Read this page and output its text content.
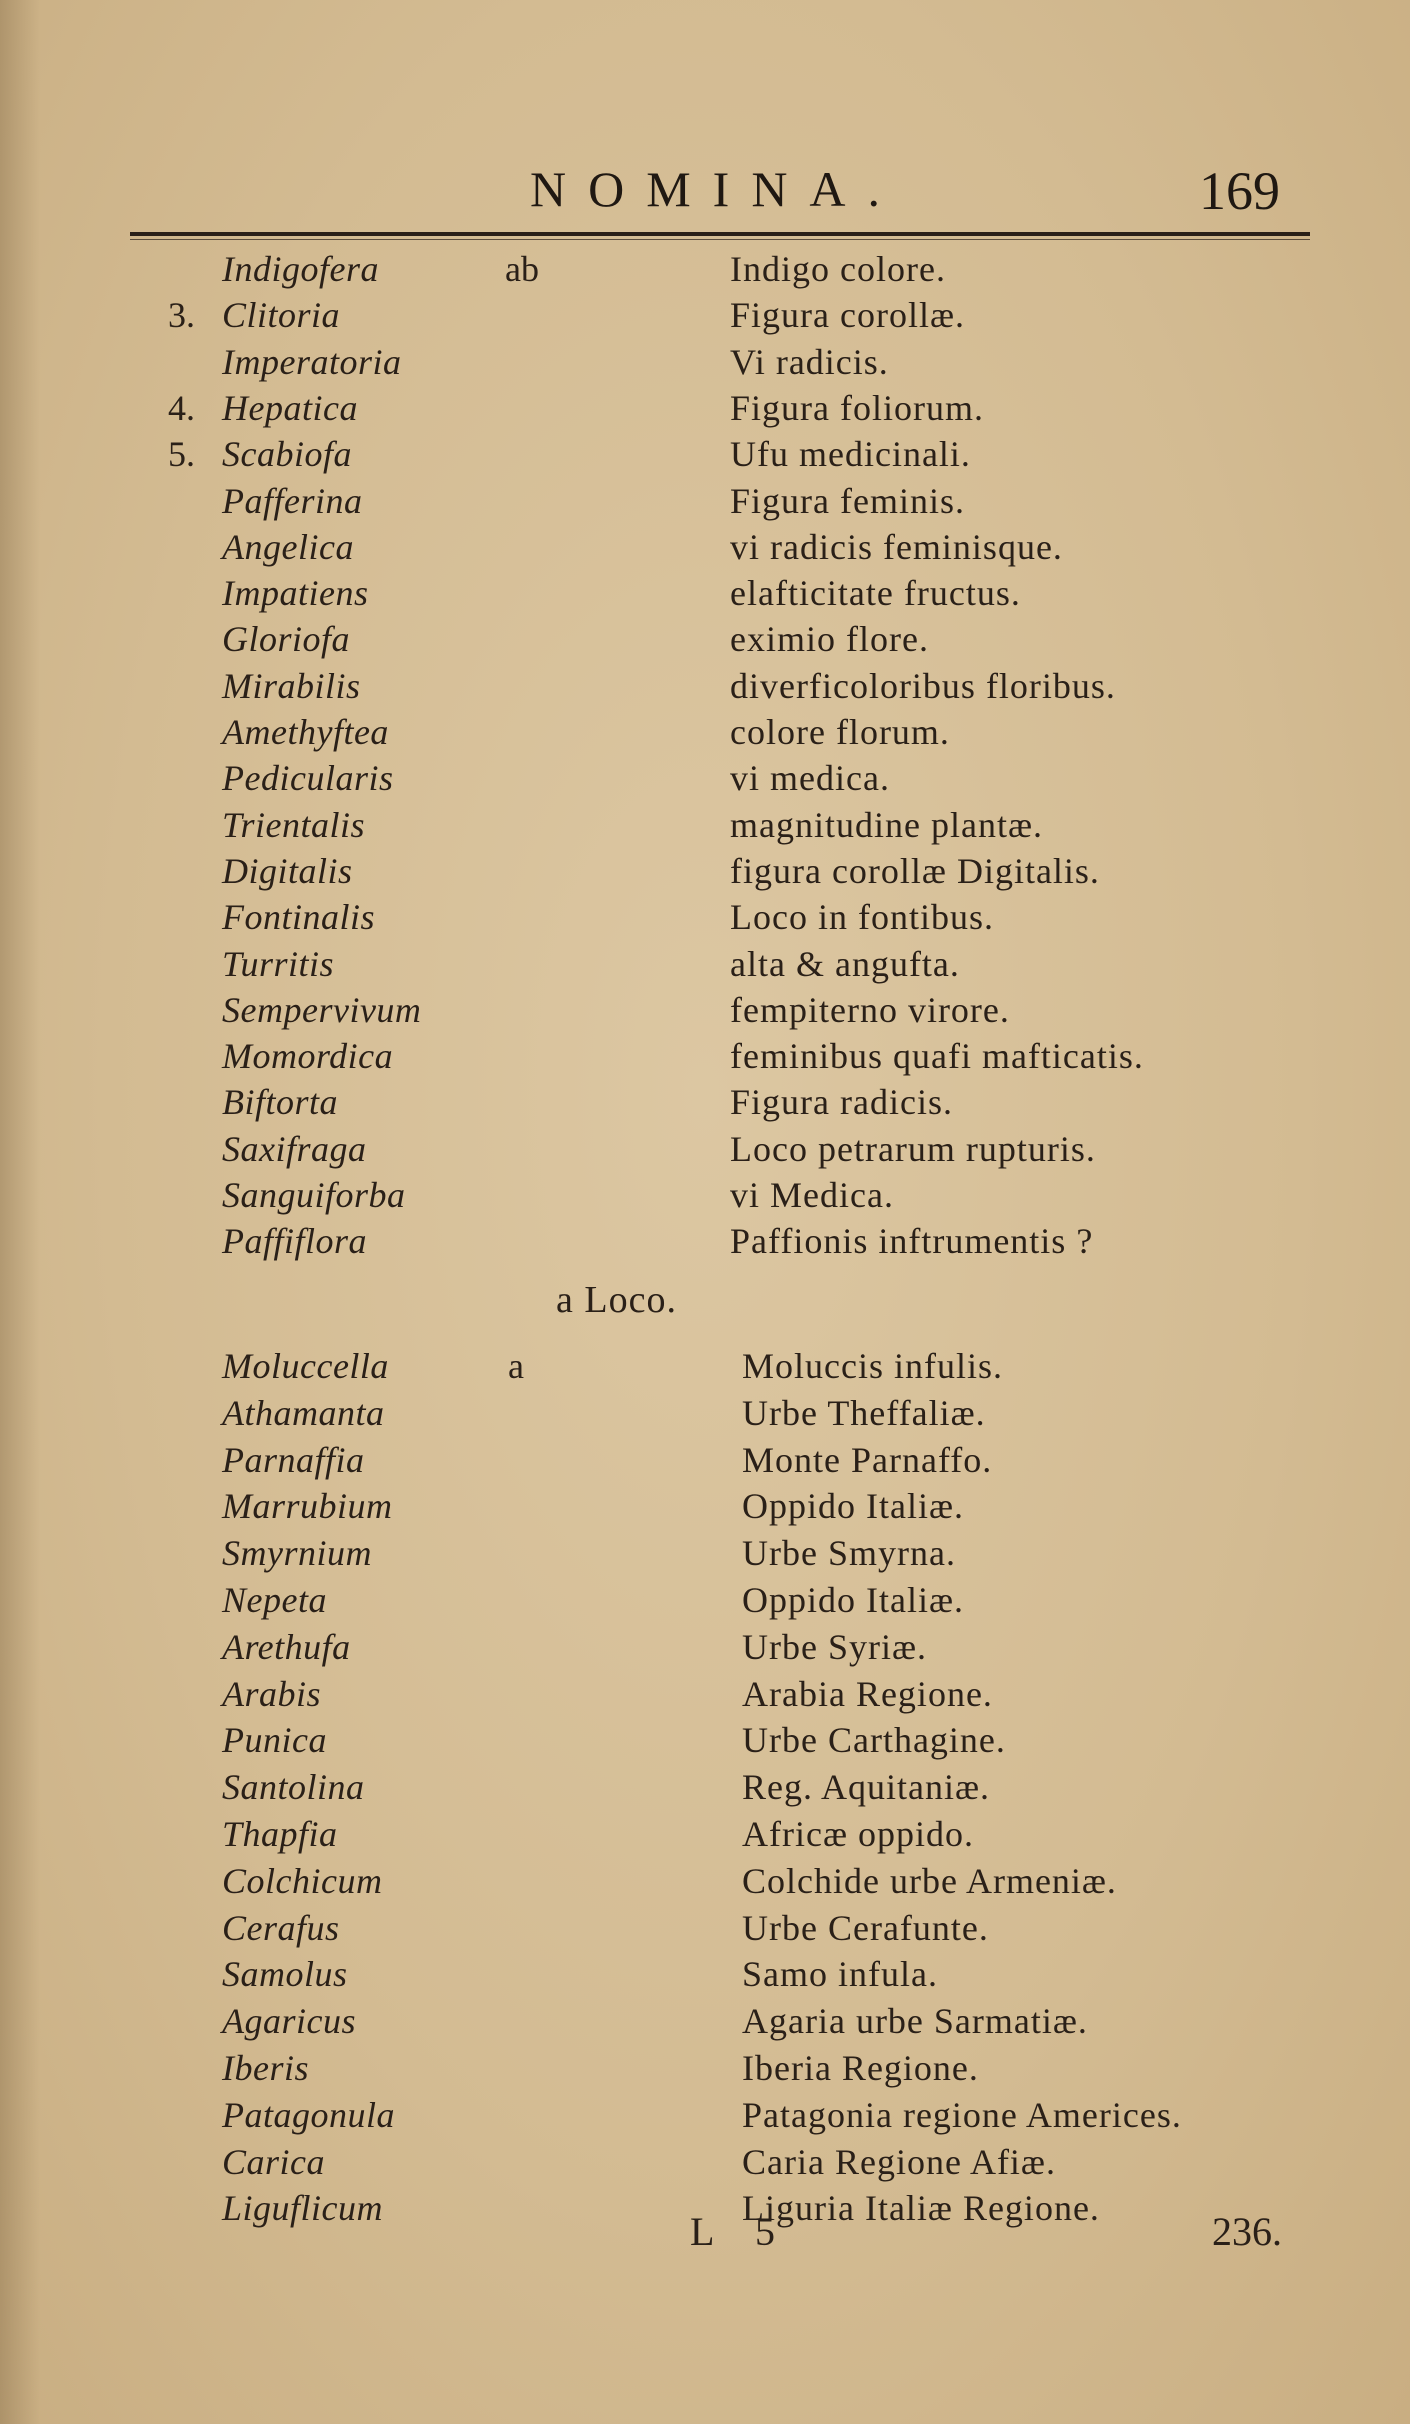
NOMINA.	169
Indigofera	ab	Indigo colore.
3. Clitoria	Figura corollæ.
Imperatoria	Vi radicis.
4. Hepatica	Figura foliorum.
5. Scabiofa	Ufu medicinali.
Pafferina	Figura feminis.
Angelica	vi radicis feminisque.
Impatiens	elafticitate fructus.
Gloriofa	eximio flore.
Mirabilis	diverficoloribus floribus.
Amethyftea	colore florum.
Pedicularis	vi medica.
Trientalis	magnitudine plantæ.
Digitalis	figura corollæ Digitalis.
Fontinalis	Loco in fontibus.
Turritis	alta & angufta.
Sempervivum	fempiterno virore.
Momordica	feminibus quafi mafticatis.
Biftorta	Figura radicis.
Saxifraga	Loco petrarum rupturis.
Sanguiforba	vi Medica.
Paffiflora	Paffionis inftrumentis ?
a Loco.
Moluccella	a	Moluccis infulis.
Athamanta	Urbe Theffaliæ.
Parnaffia	Monte Parnaffo.
Marrubium	Oppido Italiæ.
Smyrnium	Urbe Smyrna.
Nepeta	Oppido Italiæ.
Arethufa	Urbe Syriæ.
Arabis	Arabia Regione.
Punica	Urbe Carthagine.
Santolina	Reg. Aquitaniæ.
Thapfia	Africæ oppido.
Colchicum	Colchide urbe Armeniæ.
Cerafus	Urbe Cerafunte.
Samolus	Samo infula.
Agaricus	Agaria urbe Sarmatiæ.
Iberis	Iberia Regione.
Patagonula	Patagonia regione Americes.
Carica	Caria Regione Afiæ.
Liguflicum	Liguria Italiæ Regione.
L 5	236.
